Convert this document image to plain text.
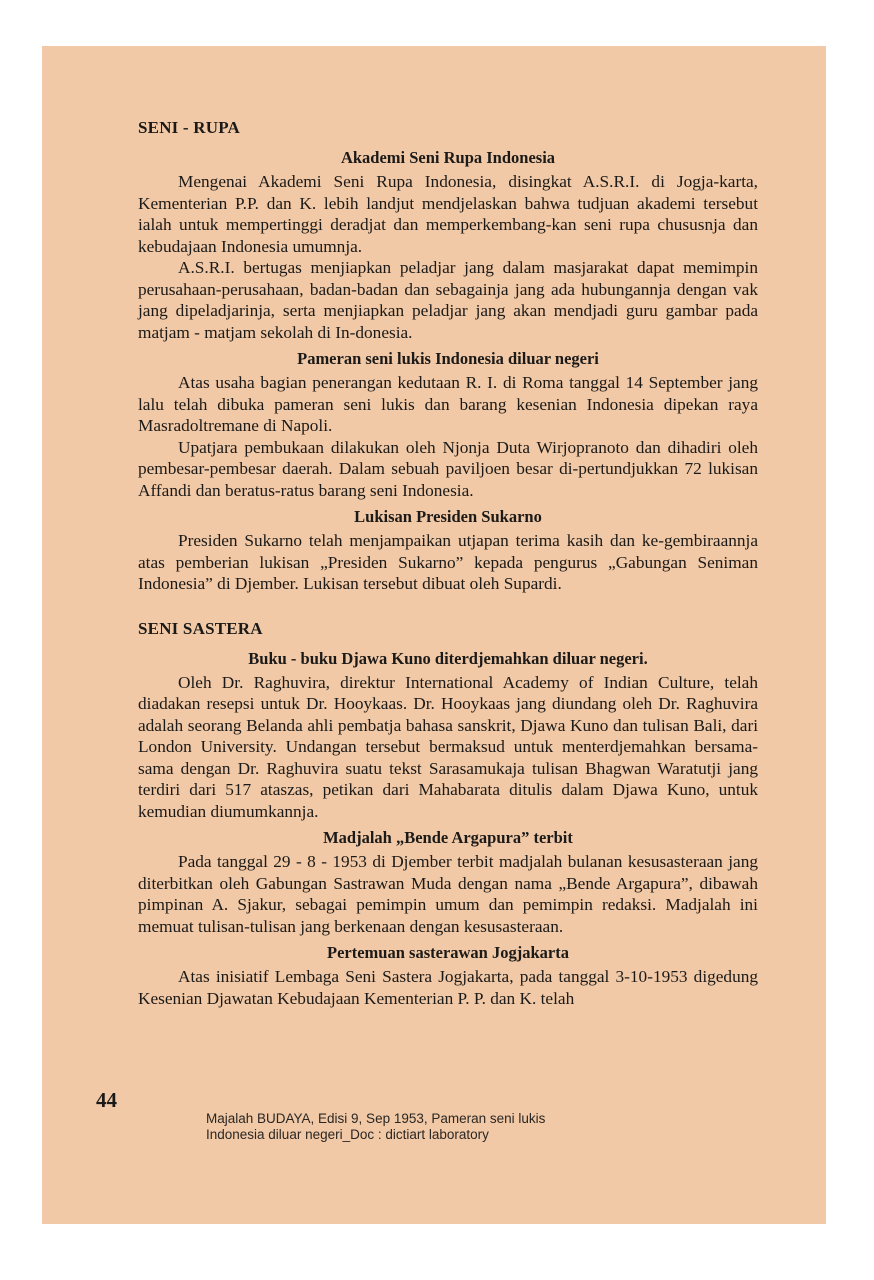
SENI - RUPA
Akademi Seni Rupa Indonesia

Mengenai Akademi Seni Rupa Indonesia, disingkat A.S.R.I. di Jogja-karta, Kementerian P.P. dan K. lebih landjut mendjelaskan bahwa tudjuan akademi tersebut ialah untuk mempertinggi deradjat dan memperkembang-kan seni rupa chususnja dan kebudajaan Indonesia umumnja.

A.S.R.I. bertugas menjiapkan peladjar jang dalam masjarakat dapat memimpin perusahaan-perusahaan, badan-badan dan sebagainja jang ada hubungannja dengan vak jang dipeladjarinja, serta menjiapkan peladjar jang akan mendjadi guru gambar pada matjam - matjam sekolah di In-donesia.

Pameran seni lukis Indonesia diluar negeri

Atas usaha bagian penerangan kedutaan R. I. di Roma tanggal 14 September jang lalu telah dibuka pameran seni lukis dan barang kesenian Indonesia dipekan raya Masradoltremane di Napoli.

Upatjara pembukaan dilakukan oleh Njonja Duta Wirjopranoto dan dihadiri oleh pembesar-pembesar daerah. Dalam sebuah paviljoen besar di-pertundjukkan 72 lukisan Affandi dan beratus-ratus barang seni Indonesia.

Lukisan Presiden Sukarno

Presiden Sukarno telah menjampaikan utjapan terima kasih dan ke-gembiraannja atas pemberian lukisan „Presiden Sukarno” kepada pengurus „Gabungan Seniman Indonesia” di Djember. Lukisan tersebut dibuat oleh Supardi.

SENI SASTERA
Buku - buku Djawa Kuno diterdjemahkan diluar negeri.

Oleh Dr. Raghuvira, direktur International Academy of Indian Culture, telah diadakan resepsi untuk Dr. Hooykaas. Dr. Hooykaas jang diundang oleh Dr. Raghuvira adalah seorang Belanda ahli pembatja bahasa sanskrit, Djawa Kuno dan tulisan Bali, dari London University. Undangan tersebut bermaksud untuk menterdjemahkan bersama-sama dengan Dr. Raghuvira suatu tekst Sarasamukaja tulisan Bhagwan Waratutji jang terdiri dari 517 ataszas, petikan dari Mahabarata ditulis dalam Djawa Kuno, untuk kemudian diumumkannja.

Madjalah „Bende Argapura” terbit

Pada tanggal 29 - 8 - 1953 di Djember terbit madjalah bulanan kesusasteraan jang diterbitkan oleh Gabungan Sastrawan Muda dengan nama „Bende Argapura”, dibawah pimpinan A. Sjakur, sebagai pemimpin umum dan pemimpin redaksi. Madjalah ini memuat tulisan-tulisan jang berkenaan dengan kesusasteraan.

Pertemuan sasterawan Jogjakarta

Atas inisiatif Lembaga Seni Sastera Jogjakarta, pada tanggal 3-10-1953 digedung Kesenian Djawatan Kebudajaan Kementerian P. P. dan K. telah

44
Majalah BUDAYA, Edisi 9, Sep 1953, Pameran seni lukis
Indonesia diluar negeri_Doc : dictiart laboratory
